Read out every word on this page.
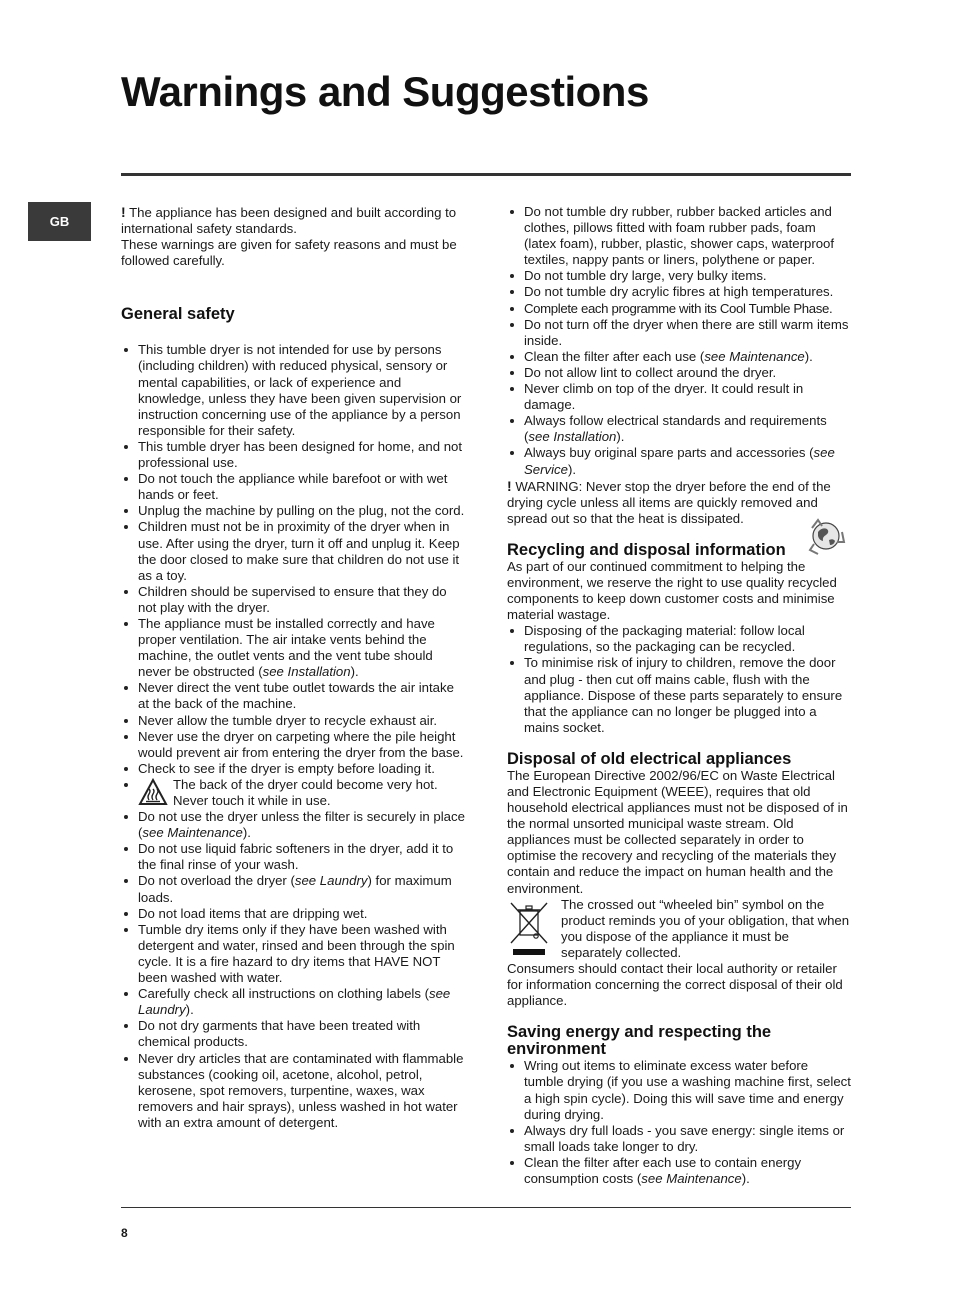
Warnings and Suggestions
GB

! The appliance has been designed and built according to international safety standards.

These warnings are given for safety reasons and must be followed carefully.

General safety
This tumble dryer is not intended for use by persons (including children) with reduced physical, sensory or mental capabilities, or lack of experience and knowledge, unless they have been given supervision or instruction concerning use of the appliance by a person responsible for their safety.
This tumble dryer has been designed for home, and not professional use.
Do not touch the appliance while barefoot or with wet hands or feet.
Unplug the machine by pulling on the plug, not the cord.
Children must not be in proximity of the dryer when in use. After using the dryer, turn it off and unplug it. Keep the door closed to make sure that children do not use it as a toy.
Children should be supervised to ensure that they do not play with the dryer.
The appliance must be installed correctly and have proper ventilation. The air intake vents behind the machine, the outlet vents and the vent tube should never be obstructed (see Installation).
Never direct the vent tube outlet towards the air intake at the back of the machine.
Never allow the tumble dryer to recycle exhaust air.
Never use the dryer on carpeting where the pile height would prevent air from entering the dryer from the base.
Check to see if the dryer is empty before loading it.
The back of the dryer could become very hot. Never touch it while in use.
Do not use the dryer unless the filter is securely in place (see Maintenance).
Do not use liquid fabric softeners in the dryer, add it to the final rinse of your wash.
Do not overload the dryer (see Laundry) for maximum loads.
Do not load items that are dripping wet.
Tumble dry items only if they have been washed with detergent and water, rinsed and been through the spin cycle. It is a fire hazard to dry items that HAVE NOT been washed with water.
Carefully check all instructions on clothing labels (see Laundry).
Do not dry garments that have been treated with chemical products.
Never dry articles that are contaminated with flammable substances (cooking oil, acetone, alcohol, petrol, kerosene, spot removers, turpentine, waxes, wax removers and hair sprays), unless washed in hot water with an extra amount of detergent.
Do not tumble dry rubber, rubber backed articles and clothes, pillows fitted with foam rubber pads, foam (latex foam), rubber, plastic, shower caps, waterproof textiles, nappy pants or liners, polythene or paper.
Do not tumble dry large, very bulky items.
Do not tumble dry acrylic fibres at high temperatures.
Complete each programme with its Cool Tumble Phase.
Do not turn off the dryer when there are still warm items inside.
Clean the filter after each use (see Maintenance).
Do not allow lint to collect around the dryer.
Never climb on top of the dryer. It could result in damage.
Always follow electrical standards and requirements (see Installation).
Always buy original spare parts and accessories (see Service).

! WARNING: Never stop the dryer before the end of the drying cycle unless all items are quickly removed and spread out so that the heat is dissipated.

Recycling and disposal information

As part of our continued commitment to helping the environment, we reserve the right to use quality recycled components to keep down customer costs and minimise material wastage.

Disposing of the packaging material: follow local regulations, so the packaging can be recycled.
To minimise risk of injury to children, remove the door and plug - then cut off mains cable, flush with the appliance. Dispose of these parts separately to ensure that the appliance can no longer be plugged into a mains socket.
Disposal of old electrical appliances

The European Directive 2002/96/EC on Waste Electrical and Electronic Equipment (WEEE), requires that old household electrical appliances must not be disposed of in the normal unsorted municipal waste stream. Old appliances must be collected separately in order to optimise the recovery and recycling of the materials they contain and reduce the impact on human health and the environment.

The crossed out “wheeled bin” symbol on the product reminds you of your obligation, that when you dispose of the appliance it must be separately collected.

Consumers should contact their local authority or retailer for information concerning the correct disposal of their old appliance.

Saving energy and respecting the environment
Wring out items to eliminate excess water before tumble drying (if you use a washing machine first, select a high spin cycle). Doing this will save time and energy during drying.
Always dry full loads - you save energy: single items or small loads take longer to dry.
Clean the filter after each use to contain energy consumption costs (see Maintenance).
8
